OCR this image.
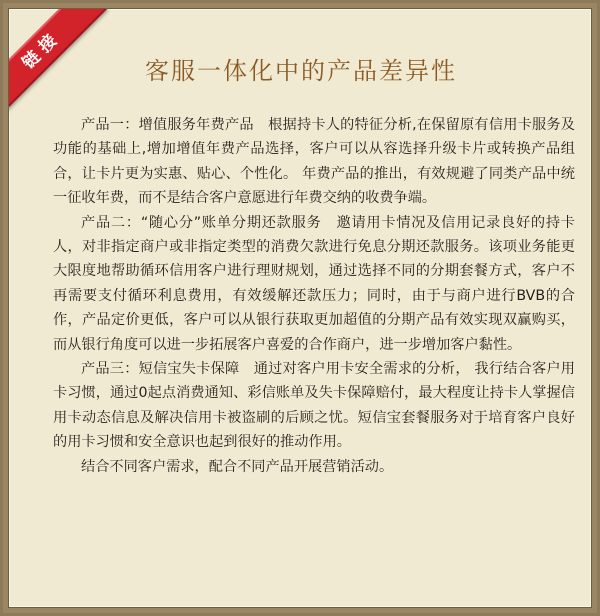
链接	客服一体化中的产品差异性

产品一：增值服务年费产品　根据持卡人的特征分析,在保留原有信用卡服务及功能的基础上,增加增值年费产品选择，客户可以从容选择升级卡片或转换产品组合，让卡片更为实惠、贴心、个性化。 年费产品的推出，有效规避了同类产品中统一征收年费，而不是结合客户意愿进行年费交纳的收费争端。

产品二：“随心分”账单分期还款服务　邀请用卡情况及信用记录良好的持卡人，对非指定商户或非指定类型的消费欠款进行免息分期还款服务。该项业务能更大限度地帮助循环信用客户进行理财规划，通过选择不同的分期套餐方式，客户不再需要支付循环利息费用，有效缓解还款压力；同时，由于与商户进行BVB的合作，产品定价更低，客户可以从银行获取更加超值的分期产品有效实现双赢购买，而从银行角度可以进一步拓展客户喜爱的合作商户，进一步增加客户黏性。

产品三：短信宝失卡保障　通过对客户用卡安全需求的分析， 我行结合客户用卡习惯，通过0起点消费通知、彩信账单及失卡保障赔付，最大程度让持卡人掌握信用卡动态信息及解决信用卡被盗刷的后顾之忧。短信宝套餐服务对于培育客户良好的用卡习惯和安全意识也起到很好的推动作用。

结合不同客户需求，配合不同产品开展营销活动。
